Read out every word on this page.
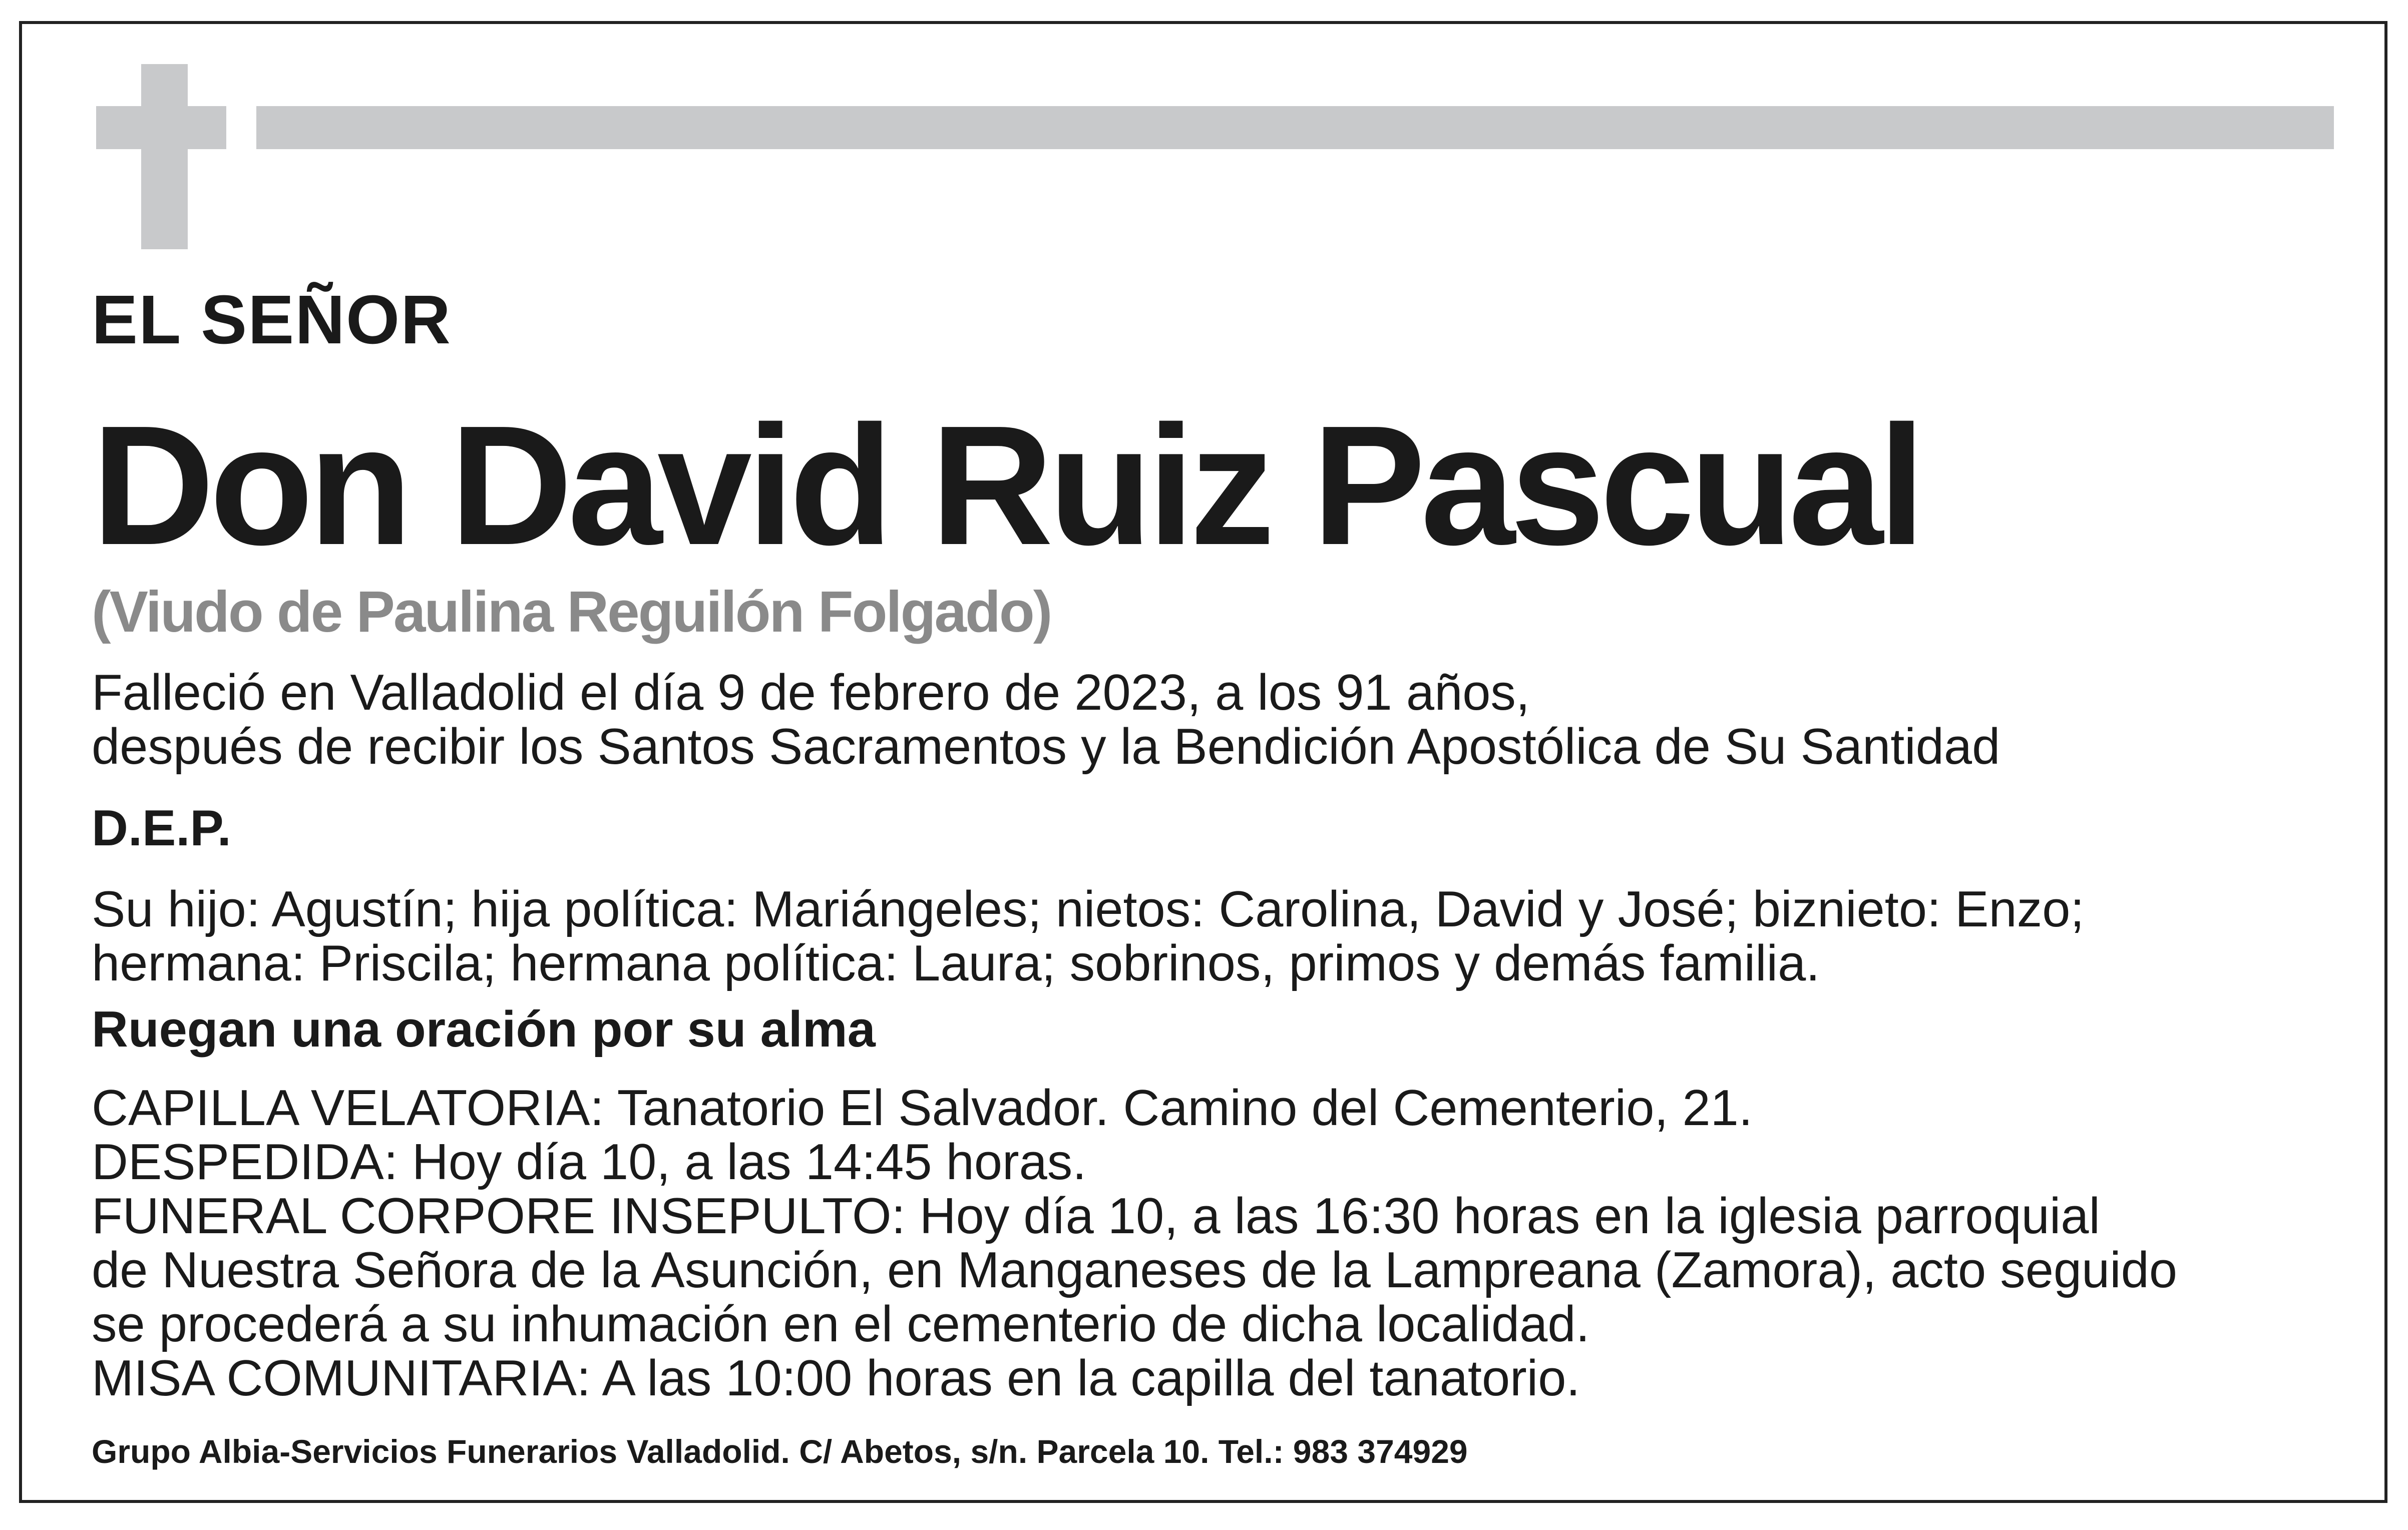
EL SEÑOR

Don David Ruiz Pascual

(Viudo de Paulina Reguilón Folgado)

Falleció en Valladolid el día 9 de febrero de 2023, a los 91 años,
después de recibir los Santos Sacramentos y la Bendición Apostólica de Su Santidad

D.E.P.

Su hijo: Agustín; hija política: Mariángeles; nietos: Carolina, David y José; biznieto: Enzo;
hermana: Priscila; hermana política: Laura; sobrinos, primos y demás familia.

Ruegan una oración por su alma

CAPILLA VELATORIA: Tanatorio El Salvador. Camino del Cementerio, 21.
DESPEDIDA: Hoy día 10, a las 14:45 horas.
FUNERAL CORPORE INSEPULTO: Hoy día 10, a las 16:30 horas en la iglesia parroquial
de Nuestra Señora de la Asunción, en Manganeses de la Lampreana (Zamora), acto seguido
se procederá a su inhumación en el cementerio de dicha localidad.
MISA COMUNITARIA: A las 10:00 horas en la capilla del tanatorio.

Grupo Albia-Servicios Funerarios Valladolid. C/ Abetos, s/n. Parcela 10. Tel.: 983 374929
